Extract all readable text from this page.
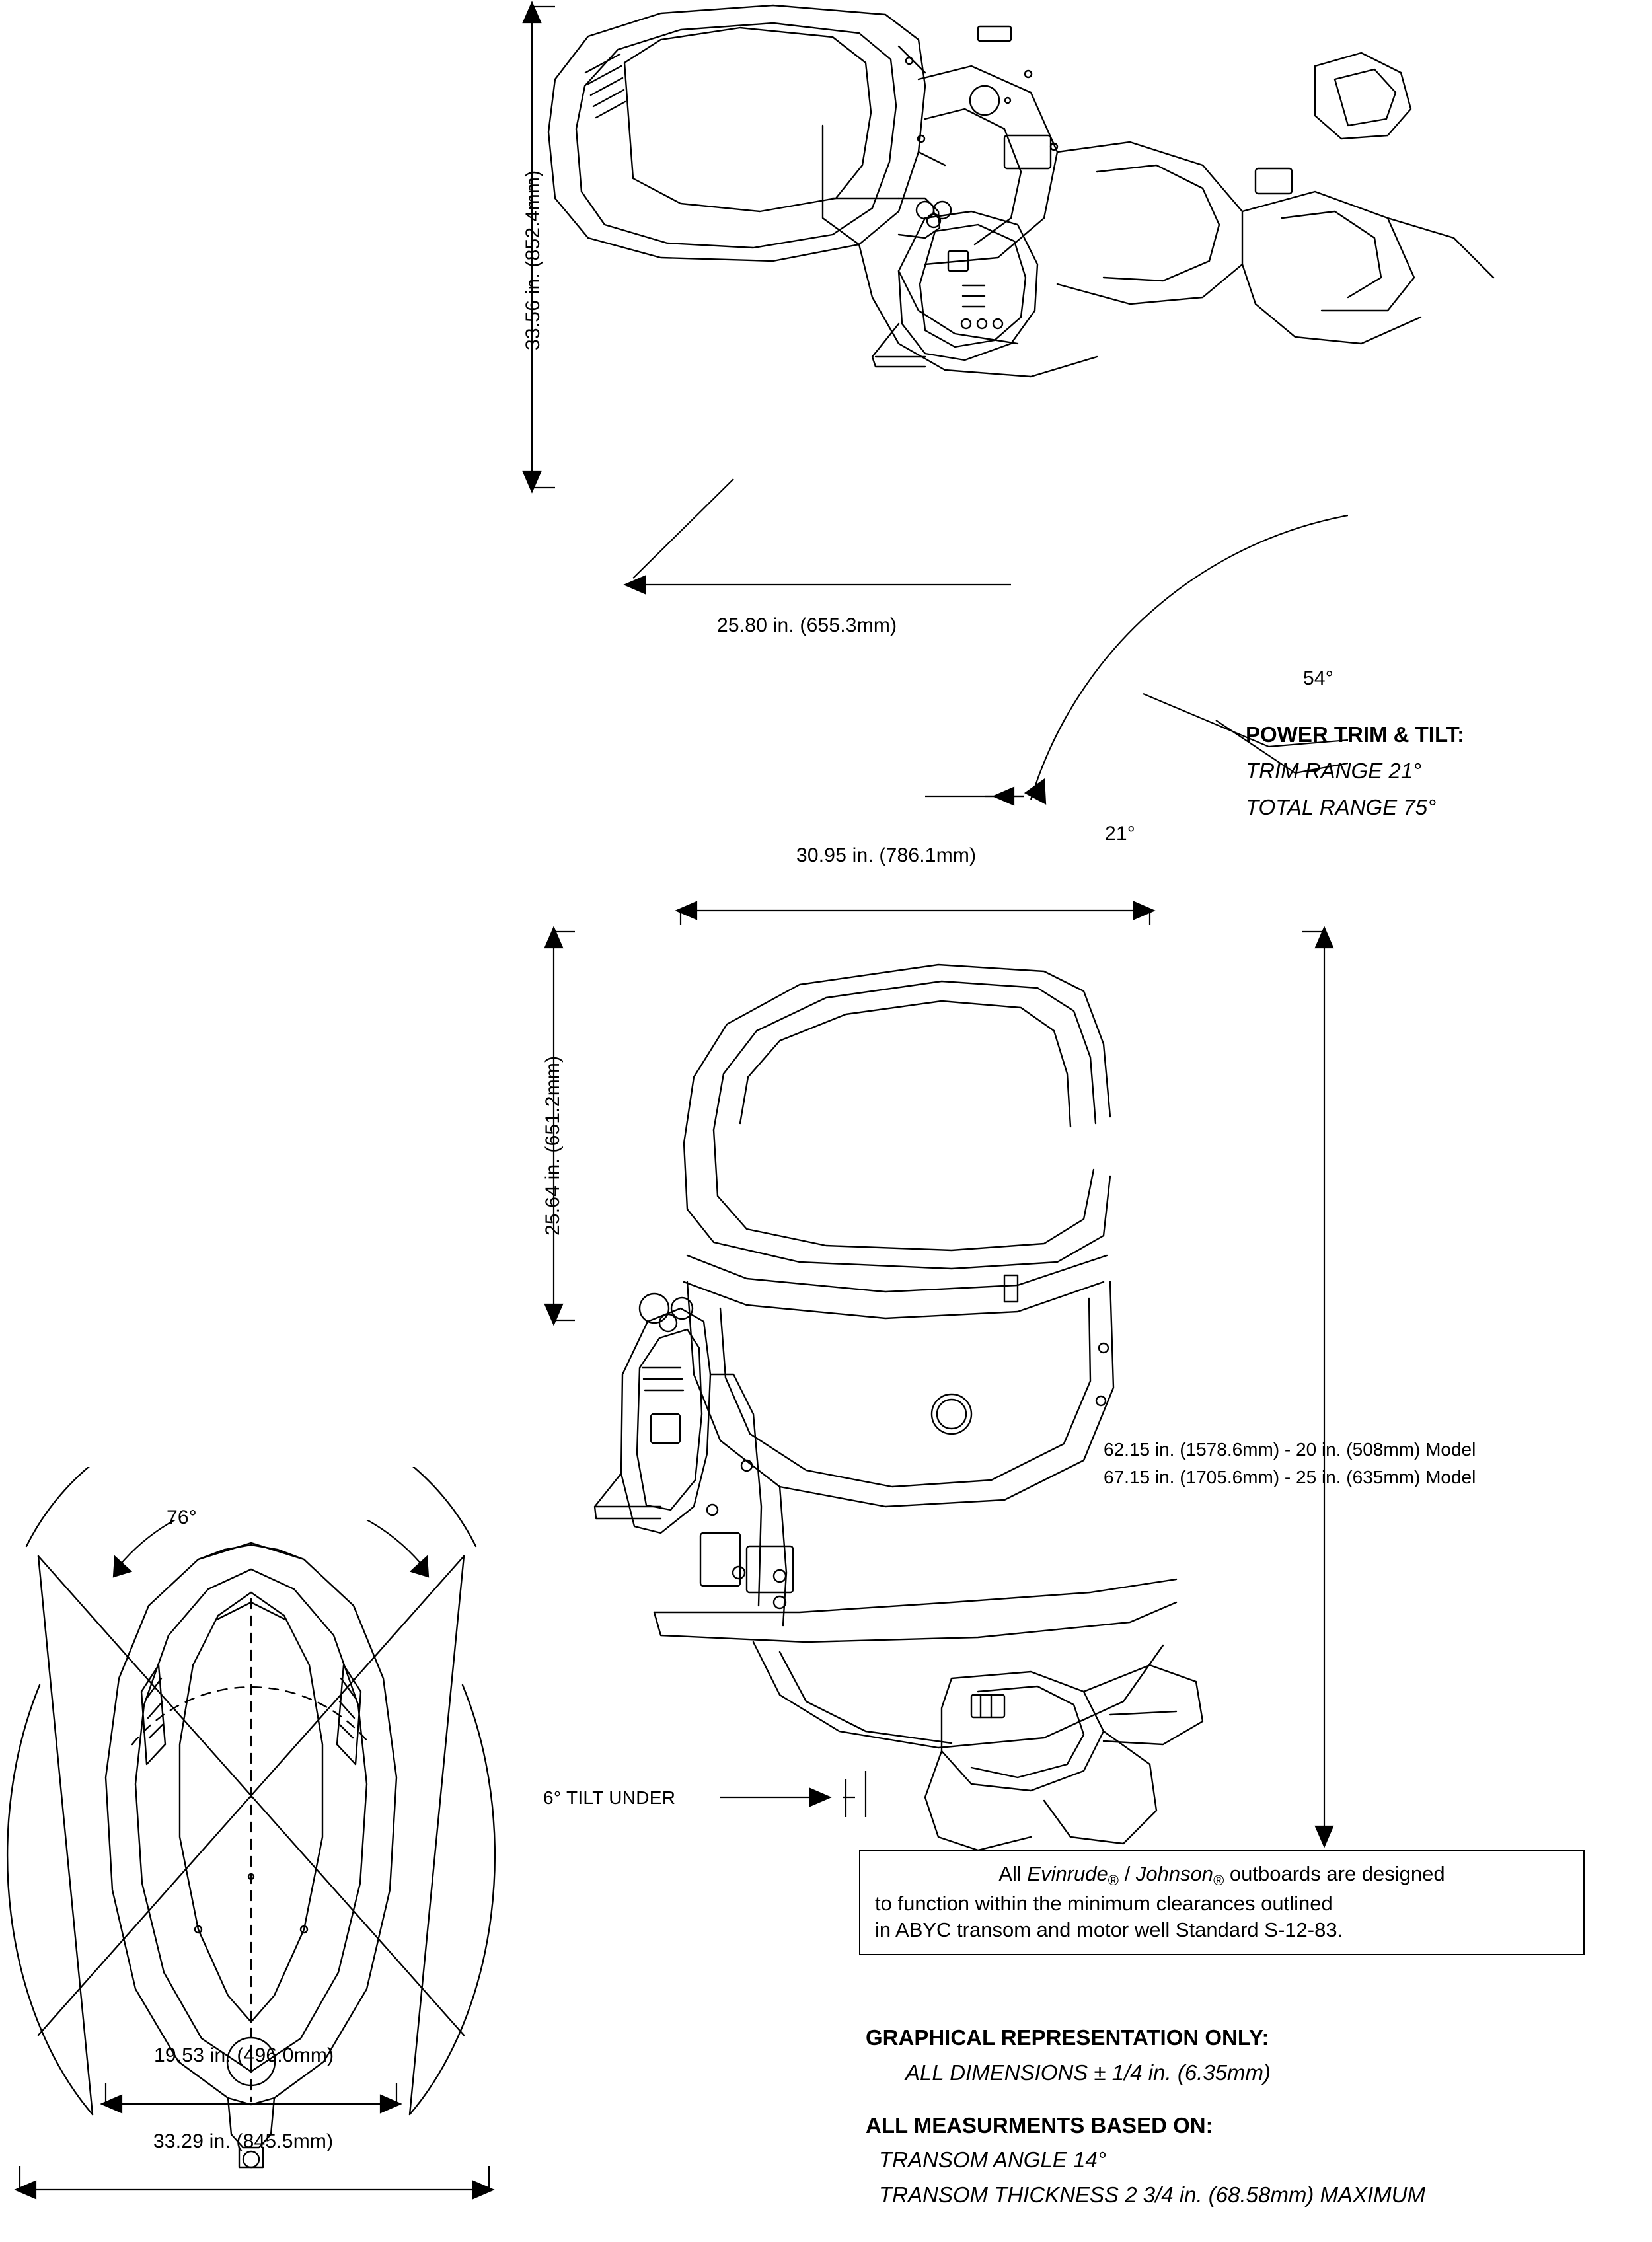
33.56 in. (852.4mm)
25.80 in. (655.3mm)
54°
21°
POWER TRIM & TILT:
TRIM RANGE 21°
TOTAL RANGE 75°
30.95 in. (786.1mm)
25.64 in. (651.2mm)
62.15 in. (1578.6mm) - 20 in. (508mm) Model
67.15 in. (1705.6mm) - 25 in. (635mm) Model
6° TILT UNDER
76°
19.53 in. (496.0mm)
33.29 in. (845.5mm)
All Evinrude$_®$ / Johnson$_®$ outboards are designed
to function within the minimum clearances outlined
in ABYC transom and motor well Standard S-12-83.
GRAPHICAL REPRESENTATION ONLY:
ALL DIMENSIONS ± 1/4 in. (6.35mm)
ALL MEASURMENTS BASED ON:
TRANSOM ANGLE 14°
TRANSOM THICKNESS 2 3/4 in. (68.58mm) MAXIMUM
